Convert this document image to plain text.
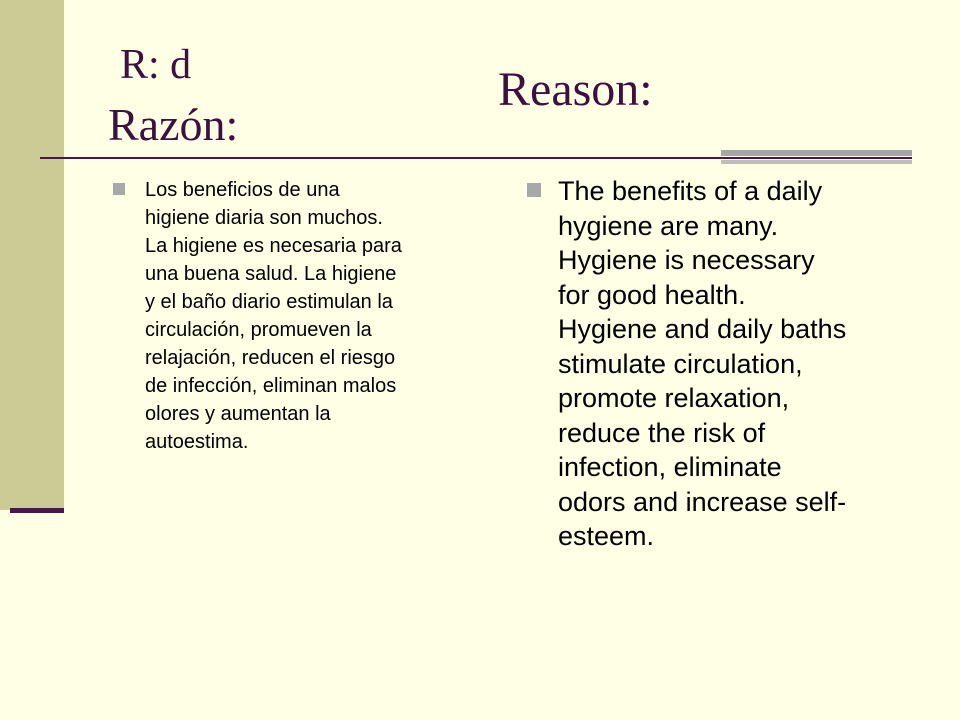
R: d
Razón:
Reason:
Los beneficios de una
higiene diaria son muchos.
La higiene es necesaria para
una buena salud. La higiene
y el baño diario estimulan la
circulación, promueven la
relajación, reducen el riesgo
de infección, eliminan malos
olores y aumentan la
autoestima.
The benefits of a daily
hygiene are many.
Hygiene is necessary
for good health.
Hygiene and daily baths
stimulate circulation,
promote relaxation,
reduce the risk of
infection, eliminate
odors and increase self-
esteem.
